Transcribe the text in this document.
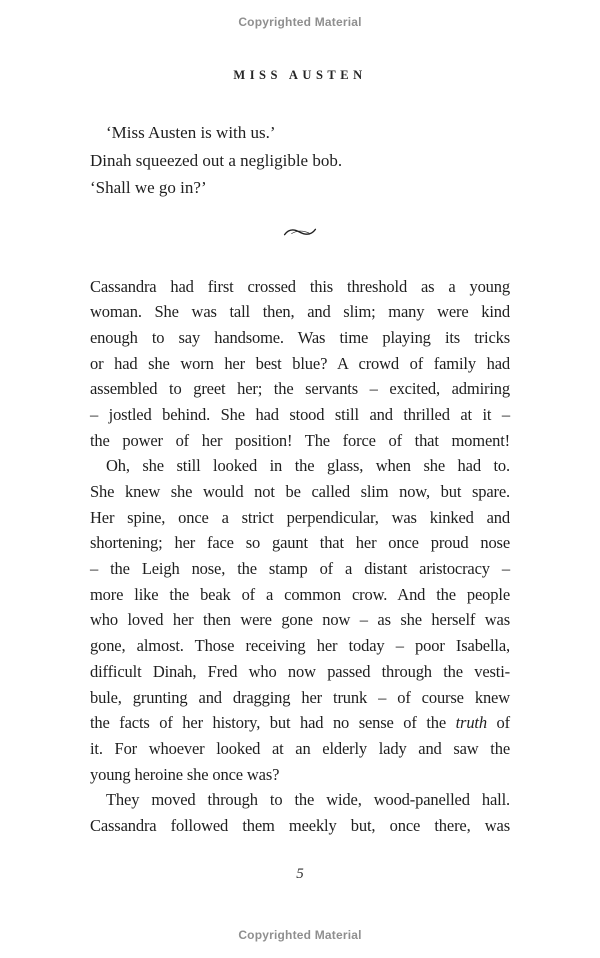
Copyrighted Material
MISS AUSTEN
‘Miss Austen is with us.’
Dinah squeezed out a negligible bob.
‘Shall we go in?’
Cassandra had first crossed this threshold as a young
woman. She was tall then, and slim; many were kind
enough to say handsome. Was time playing its tricks
or had she worn her best blue? A crowd of family had
assembled to greet her; the servants – excited, admiring
– jostled behind. She had stood still and thrilled at it –
the power of her position! The force of that moment!
Oh, she still looked in the glass, when she had to.
She knew she would not be called slim now, but spare.
Her spine, once a strict perpendicular, was kinked and
shortening; her face so gaunt that her once proud nose
– the Leigh nose, the stamp of a distant aristocracy –
more like the beak of a common crow. And the people
who loved her then were gone now – as she herself was
gone, almost. Those receiving her today – poor Isabella,
difficult Dinah, Fred who now passed through the vesti-
bule, grunting and dragging her trunk – of course knew
the facts of her history, but had no sense of the truth of
it. For whoever looked at an elderly lady and saw the
young heroine she once was?
They moved through to the wide, wood-panelled hall.
Cassandra followed them meekly but, once there, was
5
Copyrighted Material
